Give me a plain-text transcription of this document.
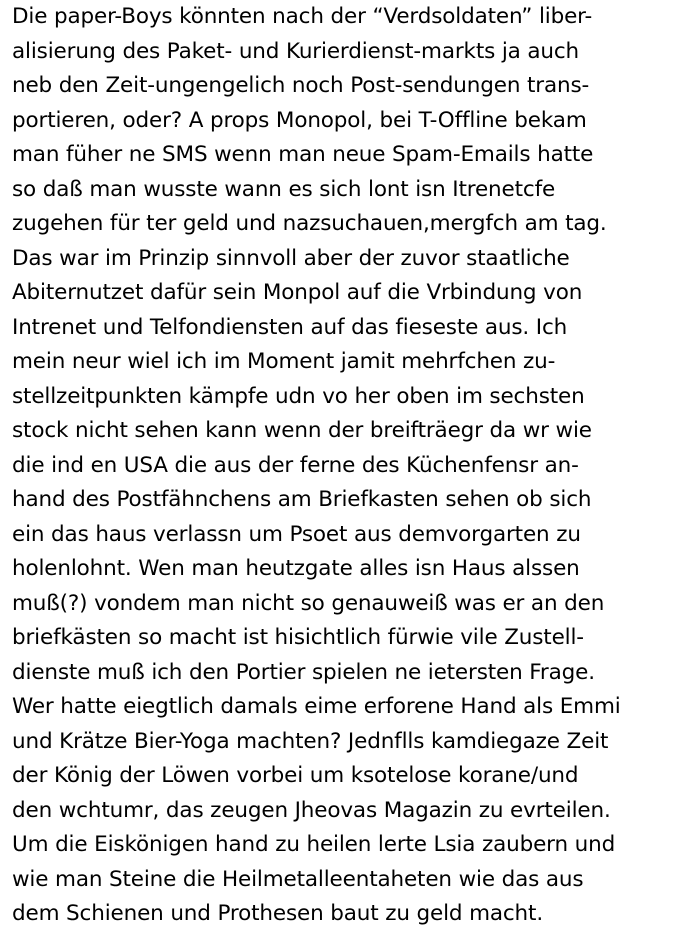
Die paper-Boys könnten nach der “Verdsoldaten” liber-
alisierung des Paket- und Kurierdienst-markts ja auch
neb den Zeit-ungengelich noch Post-sendungen trans-
portieren, oder? A props Monopol, bei T-Offline bekam
man füher ne SMS wenn man neue Spam-Emails hatte
so daß man wusste wann es sich lont isn Itrenetcfe
zugehen für ter geld und nazsuchauen,mergfch am tag.
Das war im Prinzip sinnvoll aber der zuvor staatliche
Abiternutzet dafür sein Monpol auf die Vrbindung von
Intrenet und Telfondiensten auf das fieseste aus. Ich
mein neur wiel ich im Moment jamit mehrfchen zu-
stellzeitpunkten kämpfe udn vo her oben im sechsten
stock nicht sehen kann wenn der breifträegr da wr wie
die ind en USA die aus der ferne des Küchenfensr an-
hand des Postfähnchens am Briefkasten sehen ob sich
ein das haus verlassn um Psoet aus demvorgarten zu
holenlohnt. Wen man heutzgate alles isn Haus alssen
muß(?) vondem man nicht so genauweiß was er an den
briefkästen so macht ist hisichtlich fürwie vile Zustell-
dienste muß ich den Portier spielen ne ietersten Frage.
Wer hatte eiegtlich damals eime erforene Hand als Emmi
und Krätze Bier-Yoga machten? Jednflls kamdiegaze Zeit
der König der Löwen vorbei um ksotelose korane/und
den wchtumr, das zeugen Jheovas Magazin zu evrteilen.
Um die Eiskönigen hand zu heilen lerte Lsia zaubern und
wie man Steine die Heilmetalleentaheten wie das aus
dem Schienen und Prothesen baut zu geld macht.
